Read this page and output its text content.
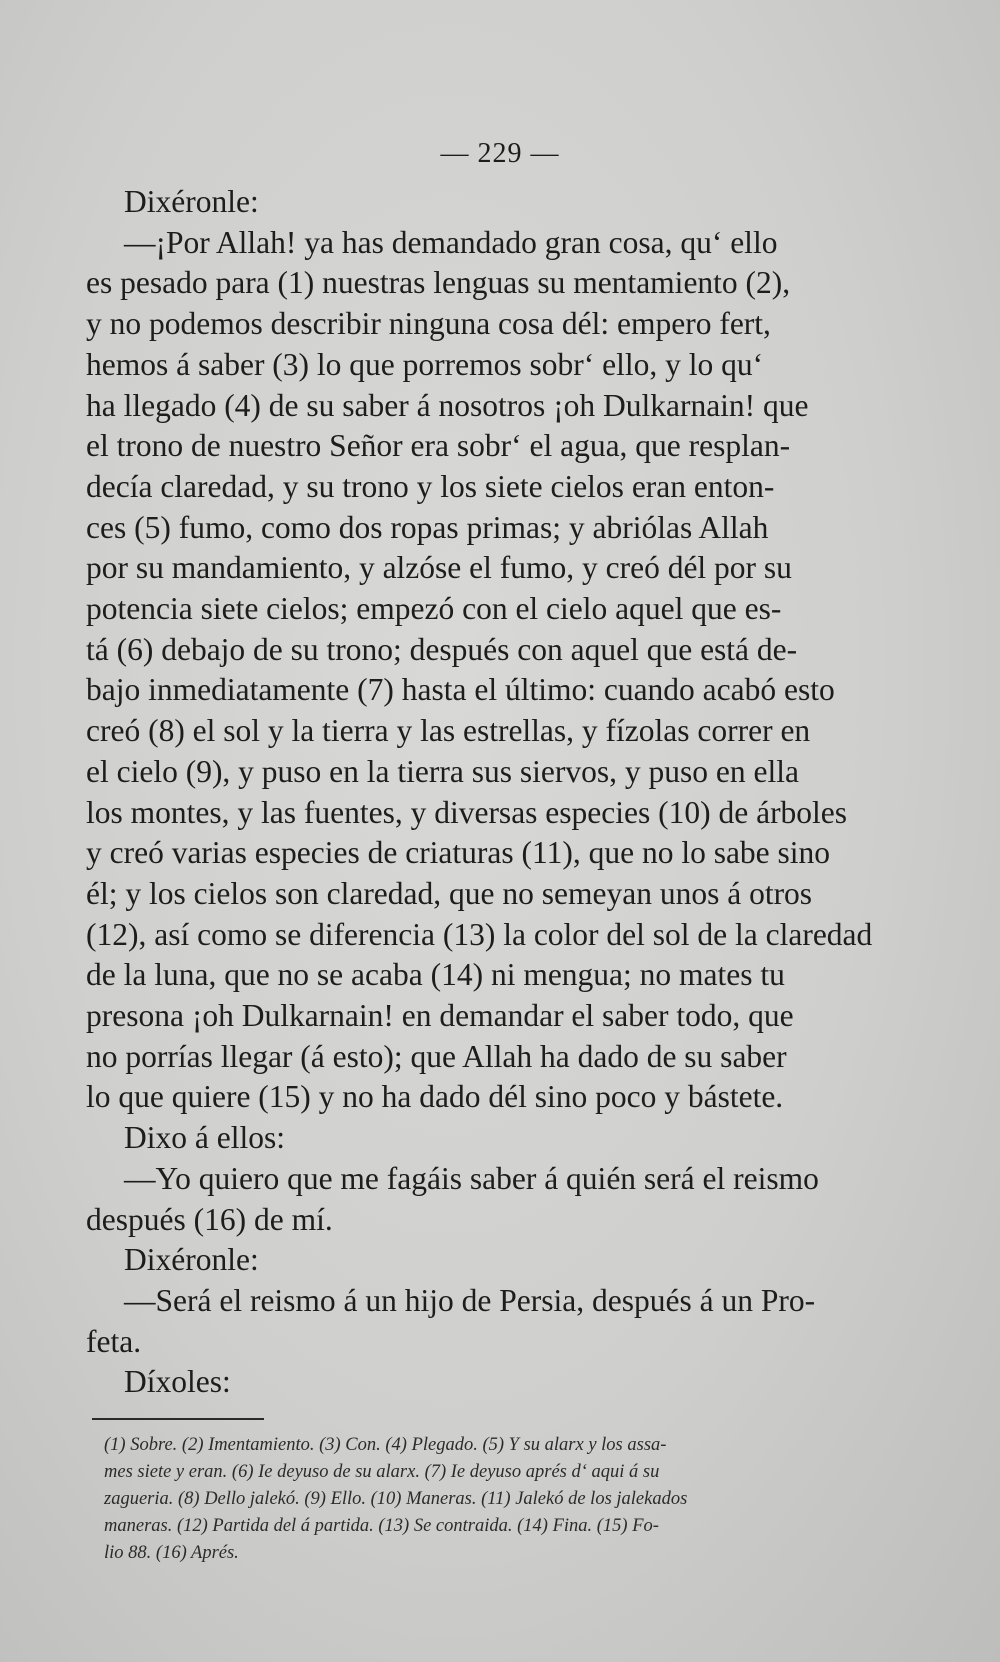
— 229 —
Dixéronle:
—¡Por Allah! ya has demandado gran cosa, qu‘ ello
es pesado para (1) nuestras lenguas su mentamiento (2),
y no podemos describir ninguna cosa dél: empero fert,
hemos á saber (3) lo que porremos sobr‘ ello, y lo qu‘
ha llegado (4) de su saber á nosotros ¡oh Dulkarnain! que
el trono de nuestro Señor era sobr‘ el agua, que resplan-
decía claredad, y su trono y los siete cielos eran enton-
ces (5) fumo, como dos ropas primas; y abriólas Allah
por su mandamiento, y alzóse el fumo, y creó dél por su
potencia siete cielos; empezó con el cielo aquel que es-
tá (6) debajo de su trono; después con aquel que está de-
bajo inmediatamente (7) hasta el último: cuando acabó esto
creó (8) el sol y la tierra y las estrellas, y fízolas correr en
el cielo (9), y puso en la tierra sus siervos, y puso en ella
los montes, y las fuentes, y diversas especies (10) de árboles
y creó varias especies de criaturas (11), que no lo sabe sino
él; y los cielos son claredad, que no semeyan unos á otros
(12), así como se diferencia (13) la color del sol de la claredad
de la luna, que no se acaba (14) ni mengua; no mates tu
presona ¡oh Dulkarnain! en demandar el saber todo, que
no porrías llegar (á esto); que Allah ha dado de su saber
lo que quiere (15) y no ha dado dél sino poco y bástete.
Dixo á ellos:
—Yo quiero que me fagáis saber á quién será el reismo
después (16) de mí.
Dixéronle:
—Será el reismo á un hijo de Persia, después á un Pro-
feta.
Díxoles:
(1) Sobre. (2) Imentamiento. (3) Con. (4) Plegado. (5) Y su alarx y los assa-
mes siete y eran. (6) Ie deyuso de su alarx. (7) Ie deyuso aprés d‘ aqui á su
zagueria. (8) Dello jalekó. (9) Ello. (10) Maneras. (11) Jalekó de los jalekados
maneras. (12) Partida del á partida. (13) Se contraida. (14) Fina. (15) Fo-
lio 88. (16) Aprés.
